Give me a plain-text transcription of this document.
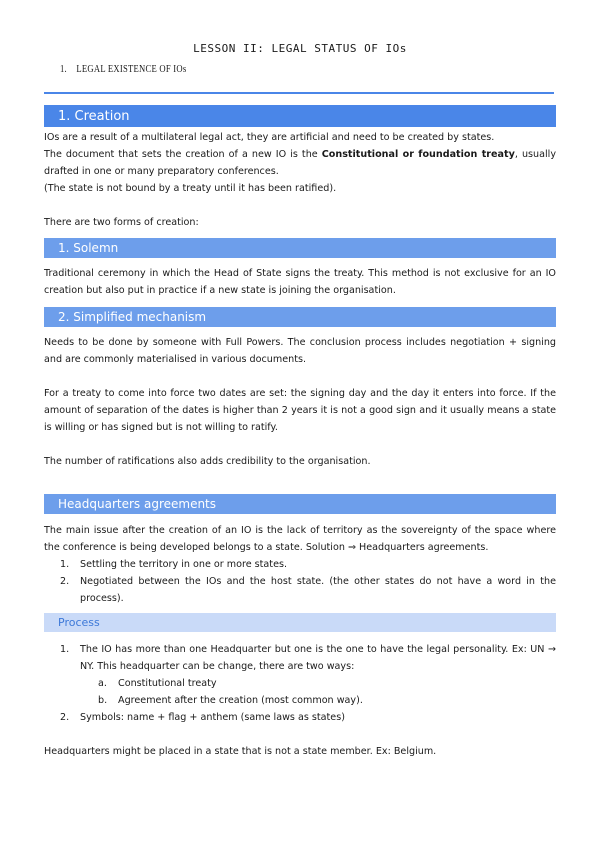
LESSON II: LEGAL STATUS OF IOs
1. LEGAL EXISTENCE OF IOs
1. Creation

IOs are a result of a multilateral legal act, they are artificial and need to be created by states.

The document that sets the creation of a new IO is the Constitutional or foundation treaty, usually drafted in one or many preparatory conferences.

(The state is not bound by a treaty until it has been ratified).

There are two forms of creation:

1. Solemn

Traditional ceremony in which the Head of State signs the treaty. This method is not exclusive for an IO creation but also put in practice if a new state is joining the organisation.

2. Simplified mechanism

Needs to be done by someone with Full Powers. The conclusion process includes negotiation + signing and are commonly materialised in various documents.

For a treaty to come into force two dates are set: the signing day and the day it enters into force. If the amount of separation of the dates is higher than 2 years it is not a good sign and it usually means a state is willing or has signed but is not willing to ratify.

The number of ratifications also adds credibility to the organisation.

Headquarters agreements

The main issue after the creation of an IO is the lack of territory as the sovereignty of the space where the conference is being developed belongs to a state. Solution ⇒ Headquarters agreements.

1. Settling the territory in one or more states.

2. Negotiated between the IOs and the host state. (the other states do not have a word in the process).

Process

1. The IO has more than one Headquarter but one is the one to have the legal personality. Ex: UN → NY. This headquarter can be change, there are two ways:

a. Constitutional treaty

b. Agreement after the creation (most common way).

2. Symbols: name + flag + anthem (same laws as states)

Headquarters might be placed in a state that is not a state member. Ex: Belgium.
